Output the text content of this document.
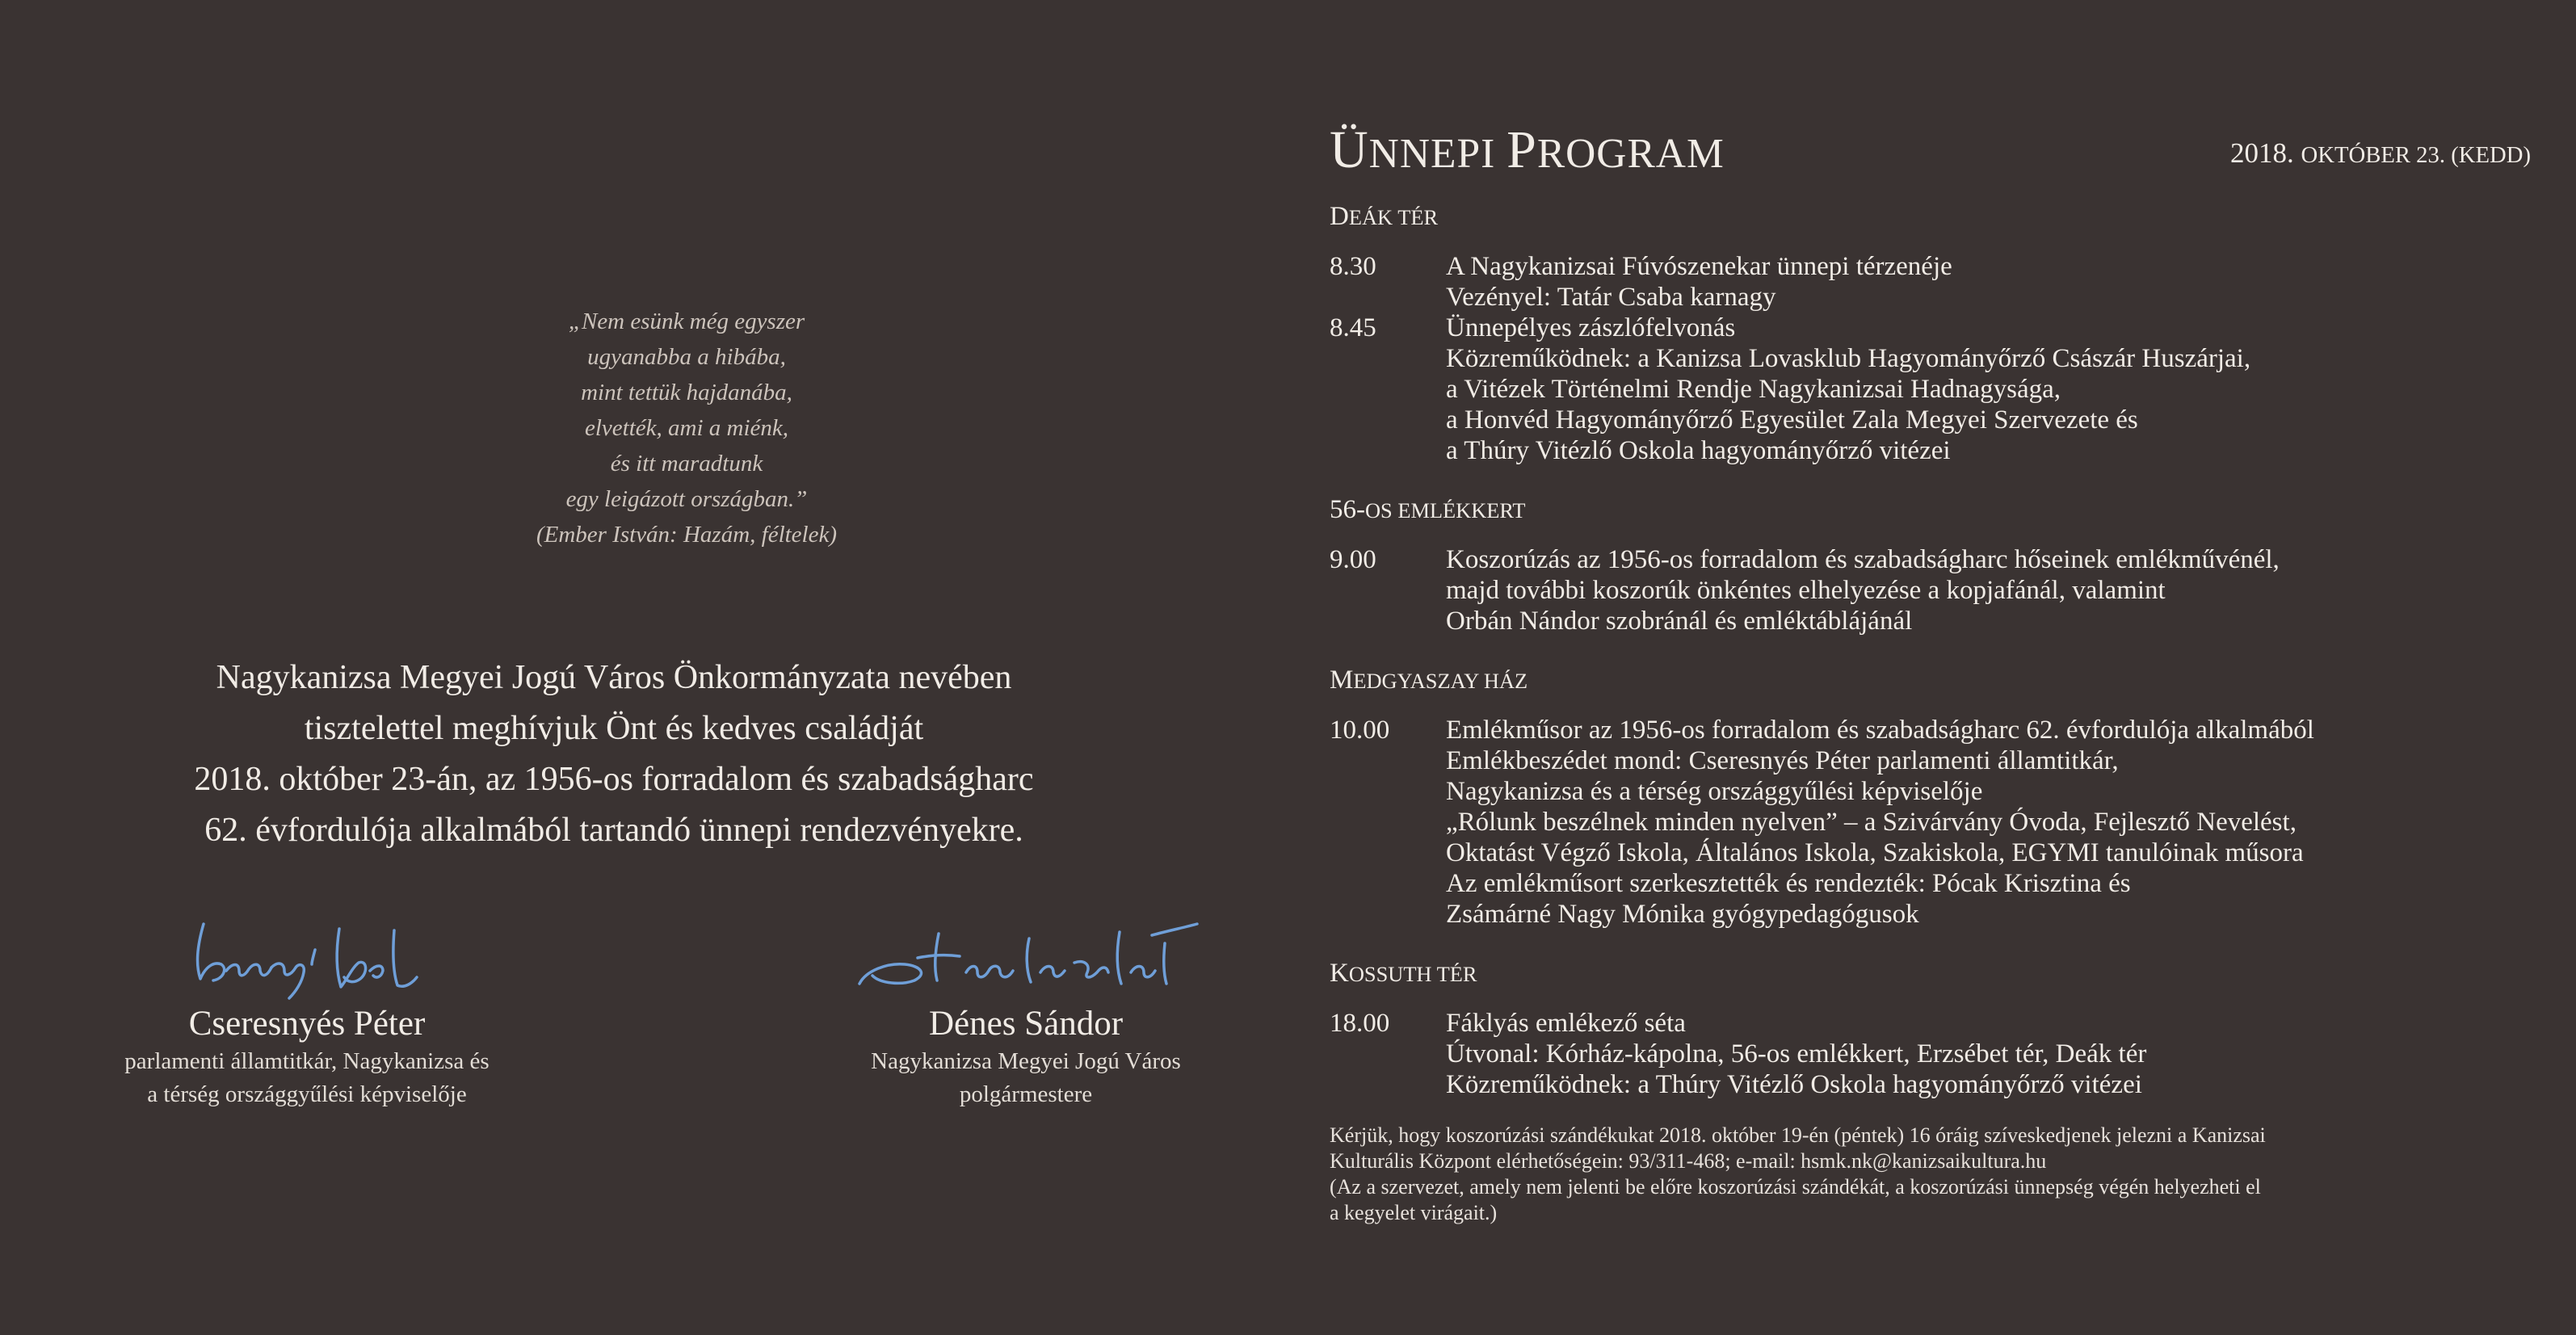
„Nem esünk még egyszer
ugyanabba a hibába,
mint tettük hajdanába,
elvették, ami a miénk,
és itt maradtunk
egy leigázott országban.”
(Ember István: Hazám, féltelek)
Nagykanizsa Megyei Jogú Város Önkormányzata nevében
tisztelettel meghívjuk Önt és kedves családját
2018. október 23-án, az 1956-os forradalom és szabadságharc
62. évfordulója alkalmából tartandó ünnepi rendezvényekre.
Cseresnyés Péter
parlamenti államtitkár, Nagykanizsa és
a térség országgyűlési képviselője
Dénes Sándor
Nagykanizsa Megyei Jogú Város
polgármestere
ÜNNEPI PROGRAM	2018. OKTÓBER 23. (KEDD)
DEÁK TÉR
8.30	A Nagykanizsai Fúvószenekar ünnepi térzenéje
Vezényel: Tatár Csaba karnagy
8.45	Ünnepélyes zászlófelvonás
Közreműködnek: a Kanizsa Lovasklub Hagyományőrző Császár Huszárjai,
a Vitézek Történelmi Rendje Nagykanizsai Hadnagysága,
a Honvéd Hagyományőrző Egyesület Zala Megyei Szervezete és
a Thúry Vitézlő Oskola hagyományőrző vitézei
56-OS EMLÉKKERT
9.00	Koszorúzás az 1956-os forradalom és szabadságharc hőseinek emlékművénél,
majd további koszorúk önkéntes elhelyezése a kopjafánál, valamint
Orbán Nándor szobránál és emléktáblájánál
MEDGYASZAY HÁZ
10.00	Emlékműsor az 1956-os forradalom és szabadságharc 62. évfordulója alkalmából
Emlékbeszédet mond: Cseresnyés Péter parlamenti államtitkár,
Nagykanizsa és a térség országgyűlési képviselője
„Rólunk beszélnek minden nyelven” – a Szivárvány Óvoda, Fejlesztő Nevelést,
Oktatást Végző Iskola, Általános Iskola, Szakiskola, EGYMI tanulóinak műsora
Az emlékműsort szerkesztették és rendezték: Pócak Krisztina és
Zsámárné Nagy Mónika gyógypedagógusok
KOSSUTH TÉR
18.00	Fáklyás emlékező séta
Útvonal: Kórház-kápolna, 56-os emlékkert, Erzsébet tér, Deák tér
Közreműködnek: a Thúry Vitézlő Oskola hagyományőrző vitézei
Kérjük, hogy koszorúzási szándékukat 2018. október 19-én (péntek) 16 óráig szíveskedjenek jelezni a Kanizsai
Kulturális Központ elérhetőségein: 93/311-468; e-mail: hsmk.nk@kanizsaikultura.hu
(Az a szervezet, amely nem jelenti be előre koszorúzási szándékát, a koszorúzási ünnepség végén helyezheti el
a kegyelet virágait.)
